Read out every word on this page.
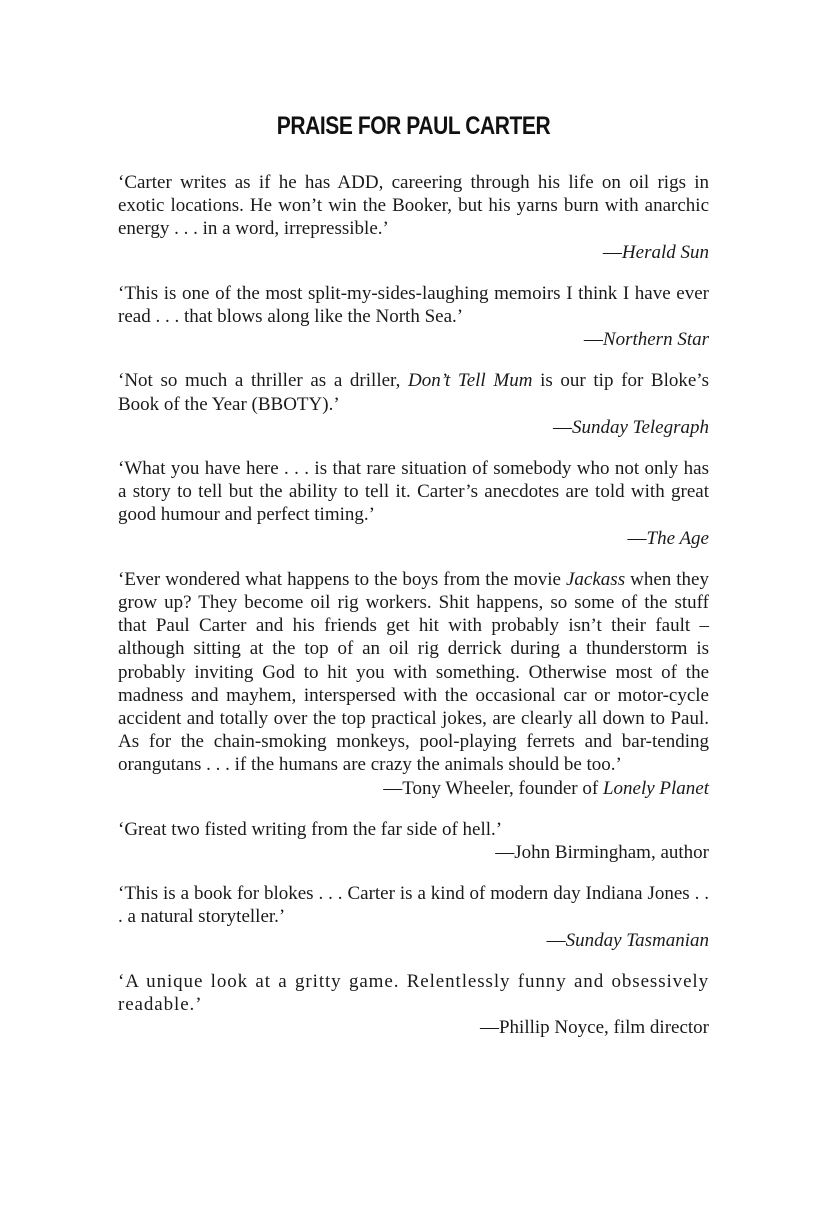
PRAISE FOR PAUL CARTER

‘Carter writes as if he has ADD, careering through his life on oil rigs in exotic locations. He won’t win the Booker, but his yarns burn with anarchic energy . . . in a word, irrepressible.’

—Herald Sun

‘This is one of the most split-my-sides-laughing memoirs I think I have ever read . . . that blows along like the North Sea.’

—Northern Star

‘Not so much a thriller as a driller, Don’t Tell Mum is our tip for Bloke’s Book of the Year (BBOTY).’

—Sunday Telegraph

‘What you have here . . . is that rare situation of somebody who not only has a story to tell but the ability to tell it. Carter’s anecdotes are told with great good humour and perfect timing.’

—The Age

‘Ever wondered what happens to the boys from the movie Jackass when they grow up? They become oil rig workers. Shit happens, so some of the stuff that Paul Carter and his friends get hit with probably isn’t their fault – although sitting at the top of an oil rig derrick during a thunderstorm is probably inviting God to hit you with something. Otherwise most of the madness and mayhem, interspersed with the occasional car or motor-cycle accident and totally over the top practical jokes, are clearly all down to Paul. As for the chain-smoking monkeys, pool-playing ferrets and bar-tending orangutans . . . if the humans are crazy the animals should be too.’

—Tony Wheeler, founder of Lonely Planet

‘Great two fisted writing from the far side of hell.’

—John Birmingham, author

‘This is a book for blokes . . . Carter is a kind of modern day Indiana Jones . . . a natural storyteller.’

—Sunday Tasmanian

‘A unique look at a gritty game. Relentlessly funny and obsessively readable.’

—Phillip Noyce, film director
